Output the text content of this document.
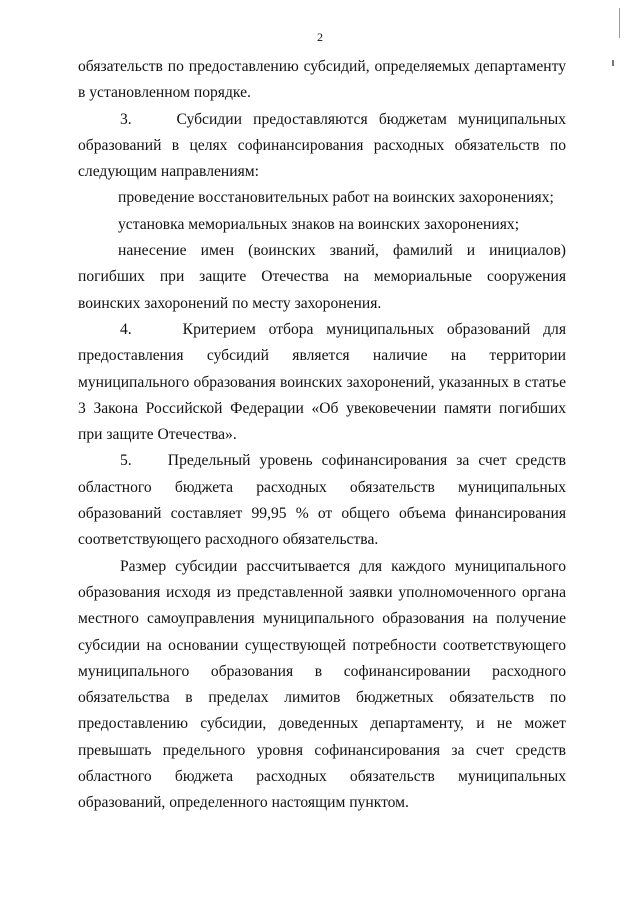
2

обязательств по предоставлению субсидий, определяемых департаменту в установленном порядке.

3.    Субсидии предоставляются бюджетам муниципальных образований в целях софинансирования расходных обязательств по следующим направлениям:

проведение восстановительных работ на воинских захоронениях;

установка мемориальных знаков на воинских захоронениях;

нанесение имен (воинских званий, фамилий и инициалов) погибших при защите Отечества на мемориальные сооружения воинских захоронений по месту захоронения.

4.    Критерием отбора муниципальных образований для предоставления субсидий является наличие на территории муниципального образования воинских захоронений, указанных в статье 3 Закона Российской Федерации «Об увековечении памяти погибших при защите Отечества».

5.    Предельный уровень софинансирования за счет средств областного бюджета расходных обязательств муниципальных образований составляет 99,95 % от общего объема финансирования соответствующего расходного обязательства.

Размер субсидии рассчитывается для каждого муниципального образования исходя из представленной заявки уполномоченного органа местного самоуправления муниципального образования на получение субсидии на основании существующей потребности соответствующего муниципального образования в софинансировании расходного обязательства в пределах лимитов бюджетных обязательств по предоставлению субсидии, доведенных департаменту, и не может превышать предельного уровня софинансирования за счет средств областного бюджета расходных обязательств муниципальных образований, определенного настоящим пунктом.
